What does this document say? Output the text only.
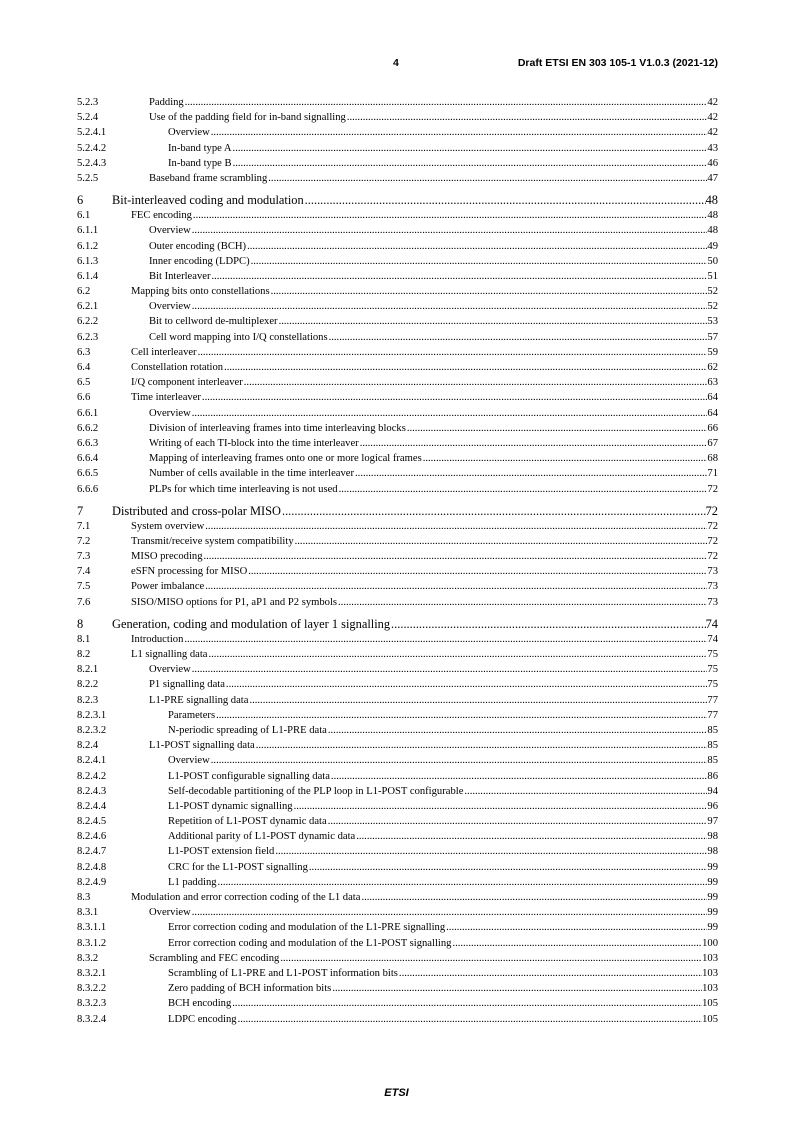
4	Draft ETSI EN 303 105-1 V1.0.3 (2021-12)
5.2.3	Padding .....	42
5.2.4	Use of the padding field for in-band signalling .....	42
5.2.4.1	Overview .....	42
5.2.4.2	In-band type A .....	43
5.2.4.3	In-band type B .....	46
5.2.5	Baseband frame scrambling .....	47
6 Bit-interleaved coding and modulation .....	48
6.1	FEC encoding .....	48
6.1.1	Overview .....	48
6.1.2	Outer encoding (BCH) .....	49
6.1.3	Inner encoding (LDPC) .....	50
6.1.4	Bit Interleaver .....	51
6.2	Mapping bits onto constellations .....	52
6.2.1	Overview .....	52
6.2.2	Bit to cellword de-multiplexer .....	53
6.2.3	Cell word mapping into I/Q constellations .....	57
6.3	Cell interleaver .....	59
6.4	Constellation rotation .....	62
6.5	I/Q component interleaver .....	63
6.6	Time interleaver .....	64
6.6.1	Overview .....	64
6.6.2	Division of interleaving frames into time interleaving blocks .....	66
6.6.3	Writing of each TI-block into the time interleaver .....	67
6.6.4	Mapping of interleaving frames onto one or more logical frames .....	68
6.6.5	Number of cells available in the time interleaver .....	71
6.6.6	PLPs for which time interleaving is not used .....	72
7 Distributed and cross-polar MISO .....	72
7.1	System overview .....	72
7.2	Transmit/receive system compatibility .....	72
7.3	MISO precoding .....	72
7.4	eSFN processing for MISO .....	73
7.5	Power imbalance .....	73
7.6	SISO/MISO options for P1, aP1 and P2 symbols .....	73
8 Generation, coding and modulation of layer 1 signalling .....	74
8.1	Introduction .....	74
8.2	L1 signalling data .....	75
8.2.1	Overview .....	75
8.2.2	P1 signalling data .....	75
8.2.3	L1-PRE signalling data .....	77
8.2.3.1	Parameters .....	77
8.2.3.2	N-periodic spreading of L1-PRE data .....	85
8.2.4	L1-POST signalling data .....	85
8.2.4.1	Overview .....	85
8.2.4.2	L1-POST configurable signalling data .....	86
8.2.4.3	Self-decodable partitioning of the PLP loop in L1-POST configurable .....	94
8.2.4.4	L1-POST dynamic signalling .....	96
8.2.4.5	Repetition of L1-POST dynamic data .....	97
8.2.4.6	Additional parity of L1-POST dynamic data .....	98
8.2.4.7	L1-POST extension field .....	98
8.2.4.8	CRC for the L1-POST signalling .....	99
8.2.4.9	L1 padding .....	99
8.3	Modulation and error correction coding of the L1 data .....	99
8.3.1	Overview .....	99
8.3.1.1	Error correction coding and modulation of the L1-PRE signalling .....	99
8.3.1.2	Error correction coding and modulation of the L1-POST signalling .....	100
8.3.2	Scrambling and FEC encoding .....	103
8.3.2.1	Scrambling of L1-PRE and L1-POST information bits .....	103
8.3.2.2	Zero padding of BCH information bits .....	103
8.3.2.3	BCH encoding .....	105
8.3.2.4	LDPC encoding .....	105
ETSI
